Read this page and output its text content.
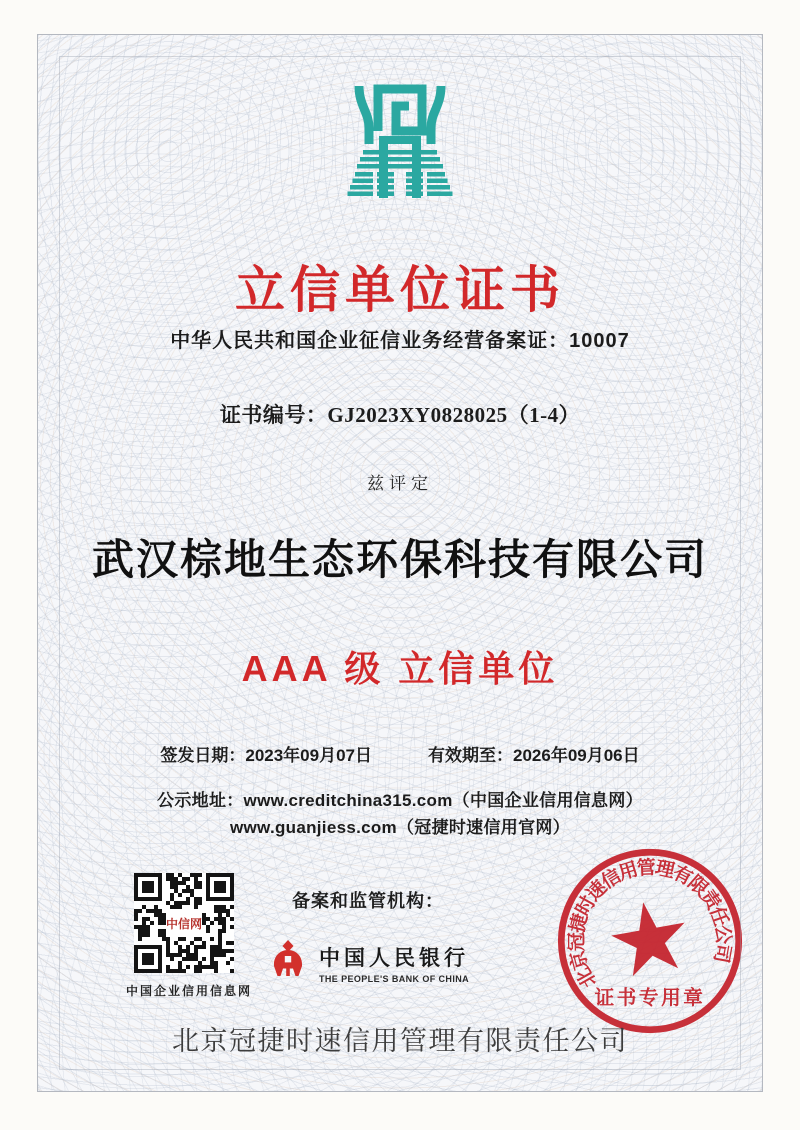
立信单位证书
中华人民共和国企业征信业务经营备案证：10007
证书编号：GJ2023XY0828025（1-4）
兹评定
武汉棕地生态环保科技有限公司
AAA 级 立信单位
签发日期：2023年09月07日	有效期至：2026年09月06日
公示地址：www.creditchina315.com（中国企业信用信息网）
www.guanjiess.com（冠捷时速信用官网）
中信网
中国企业信用信息网
备案和监管机构：
中国人民银行
THE PEOPLE'S BANK OF CHINA	北京冠捷时速信用管理有限责任公司
证书专用章
北京冠捷时速信用管理有限责任公司
